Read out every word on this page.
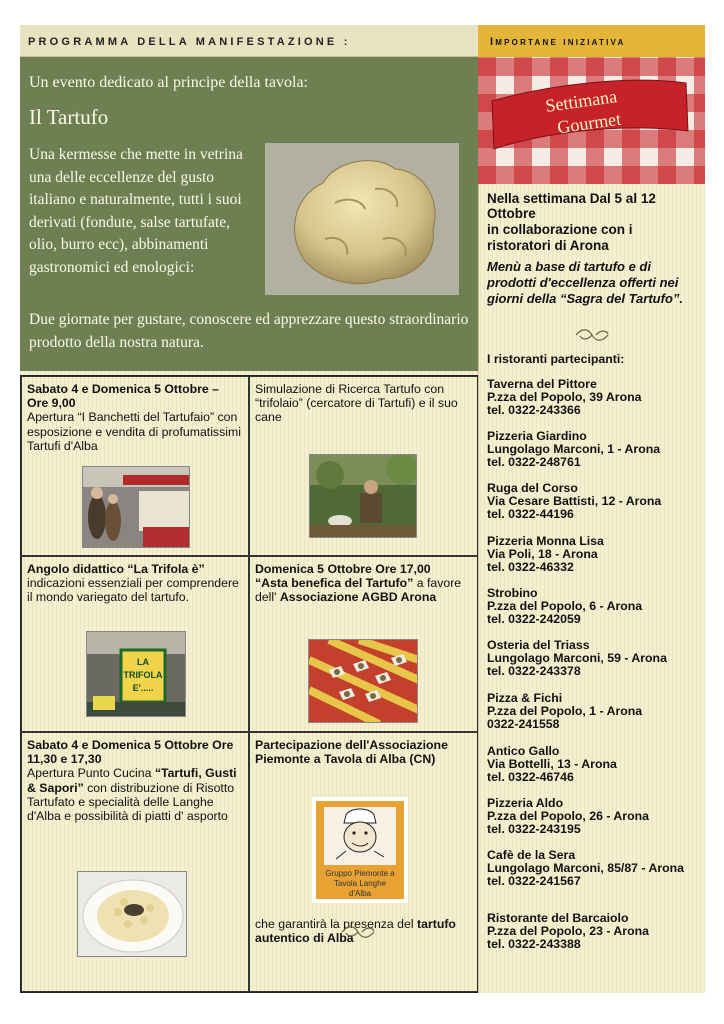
PROGRAMMA DELLA MANIFESTAZIONE :	Importane iniziativa
Un evento dedicato al principe della tavola:
Il Tartufo
Una kermesse che mette in vetrina una delle eccellenze del gusto italiano e naturalmente, tutti i suoi derivati (fondute, salse tartufate, olio, burro ecc), abbinamenti gastronomici ed enologici:
Due giornate per gustare, conoscere ed apprezzare questo straordinario prodotto della nostra natura.
Settimana
Gourmet
Sabato 4 e Domenica 5 Ottobre – Ore 9,00
Apertura “I Banchetti del Tartufaio” con esposizione e vendita di profumatissimi Tartufi d'Alba
Simulazione di Ricerca Tartufo con “trifolaio” (cercatore di Tartufi) e il suo cane
Angolo didattico “La Trifola è”
indicazioni essenziali per comprendere il mondo variegato del tartufo.
LA
TRIFOLA
E'.....
Domenica 5 Ottobre Ore 17,00
“Asta benefica del Tartufo” a favore dell' Associazione AGBD Arona
Sabato 4 e Domenica 5 Ottobre Ore 11,30 e 17,30
Apertura Punto Cucina “Tartufi, Gusti & Sapori” con distribuzione di Risotto Tartufato e specialità delle Langhe d'Alba e possibilità di piatti d' asporto
Partecipazione dell'Associazione Piemonte a Tavola di Alba (CN)
Gruppo Piemonte a Tavola Langhe d'Alba
che garantirà la presenza del tartufo autentico di Alba
Nella settimana Dal 5 al 12 Ottobre
in collaborazione con i ristoratori di Arona
Menù a base di tartufo e di prodotti d'eccellenza offerti nei giorni della “Sagra del Tartufo”.
I ristoranti partecipanti:
Taverna del Pittore
P.zza del Popolo, 39 Arona
tel. 0322-243366
Pizzeria Giardino
Lungolago Marconi, 1 - Arona
tel. 0322-248761
Ruga del Corso
Via Cesare Battisti, 12 - Arona
tel. 0322-44196
Pizzeria Monna Lisa
Via Poli, 18 - Arona
tel. 0322-46332
Strobino
P.zza del Popolo, 6 - Arona
tel. 0322-242059
Osteria del Triass
Lungolago Marconi, 59 - Arona
tel. 0322-243378
Pizza & Fichi
P.zza del Popolo, 1 - Arona
0322-241558
Antico Gallo
Via Bottelli, 13 - Arona
tel. 0322-46746
Pizzeria Aldo
P.zza del Popolo, 26 - Arona
tel. 0322-243195
Cafè de la Sera
Lungolago Marconi, 85/87 - Arona
tel. 0322-241567
Ristorante del Barcaiolo
P.zza del Popolo, 23 - Arona
tel. 0322-243388
